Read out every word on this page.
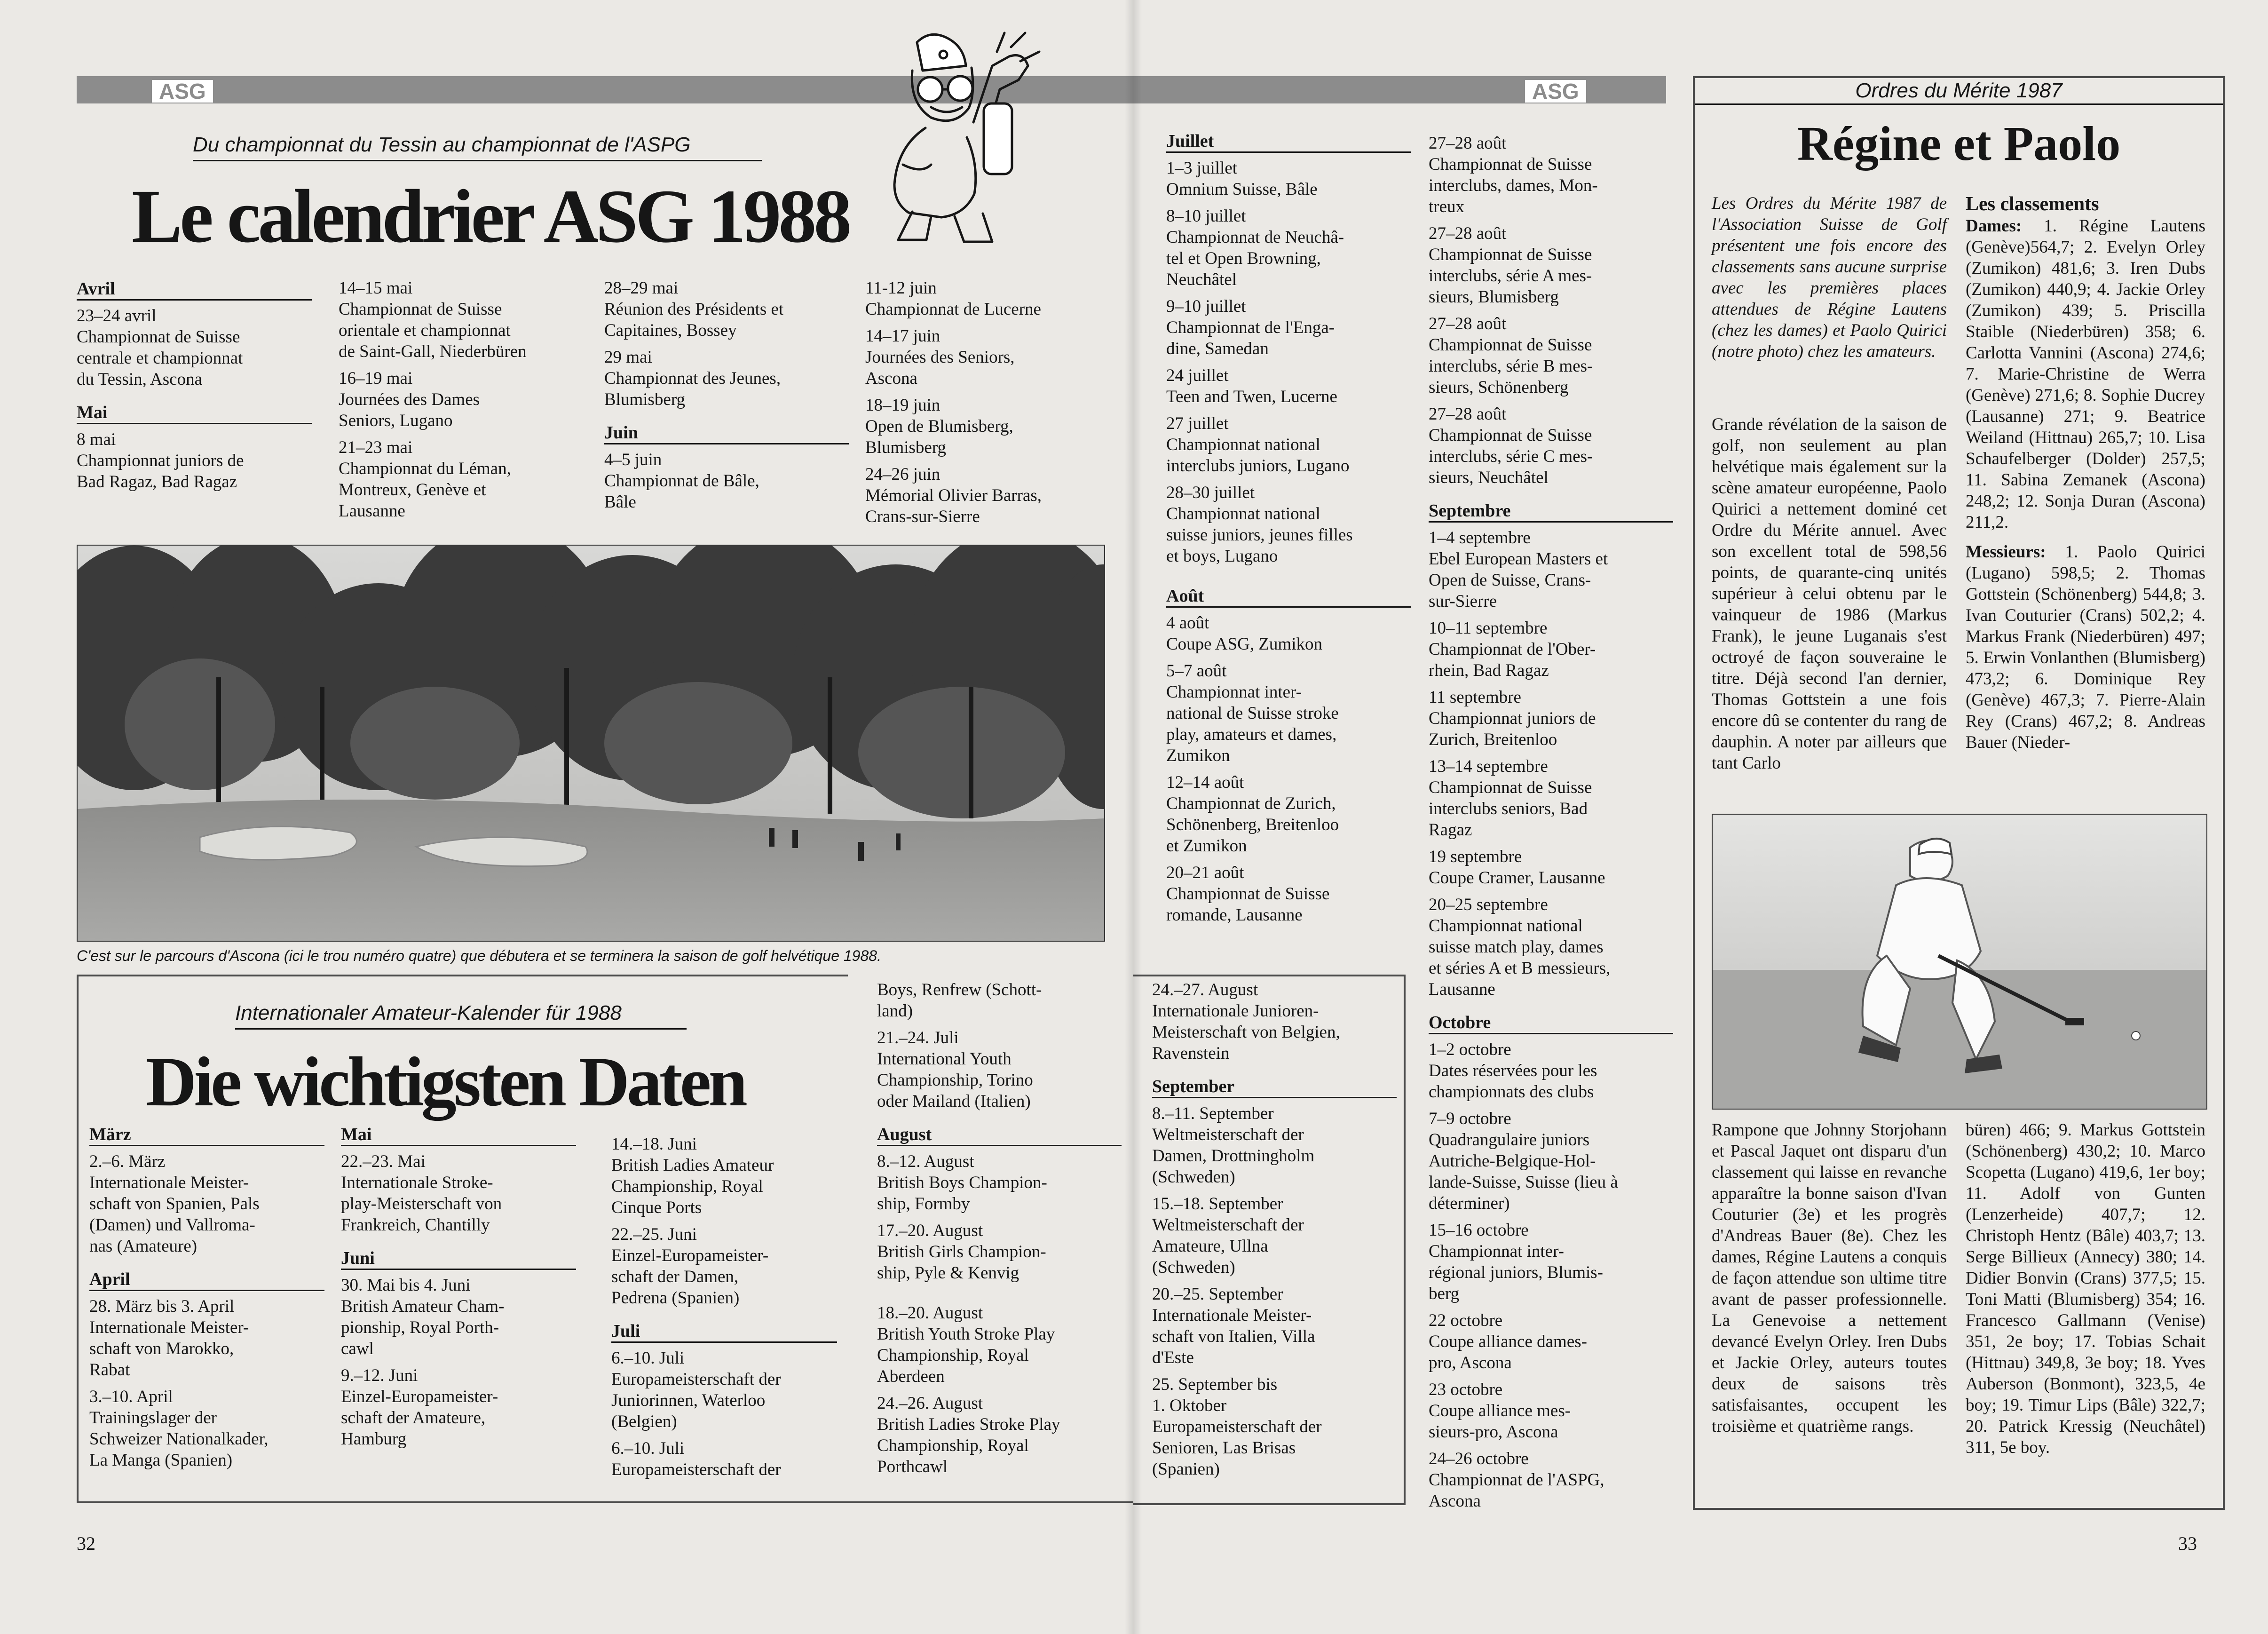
ASG
Du championnat du Tessin au championnat de l'ASPG
Le calendrier ASG 1988
Avril
23–24 avril
Championnat de Suisse
centrale et championnat
du Tessin, Ascona
Mai
8 mai
Championnat juniors de
Bad Ragaz, Bad Ragaz
14–15 mai
Championnat de Suisse
orientale et championnat
de Saint-Gall, Niederbüren
16–19 mai
Journées des Dames
Seniors, Lugano
21–23 mai
Championnat du Léman,
Montreux, Genève et
Lausanne
28–29 mai
Réunion des Présidents et
Capitaines, Bossey
29 mai
Championnat des Jeunes,
Blumisberg
Juin
4–5 juin
Championnat de Bâle,
Bâle
11-12 juin
Championnat de Lucerne
14–17 juin
Journées des Seniors,
Ascona
18–19 juin
Open de Blumisberg,
Blumisberg
24–26 juin
Mémorial Olivier Barras,
Crans-sur-Sierre
C'est sur le parcours d'Ascona (ici le trou numéro quatre) que débutera et se terminera la saison de golf helvétique 1988.
Internationaler Amateur-Kalender für 1988
Die wichtigsten Daten
März
2.–6. März
Internationale Meister-
schaft von Spanien, Pals
(Damen) und Vallroma-
nas (Amateure)
April
28. März bis 3. April
Internationale Meister-
schaft von Marokko,
Rabat
3.–10. April
Trainingslager der
Schweizer Nationalkader,
La Manga (Spanien)
Mai
22.–23. Mai
Internationale Stroke-
play-Meisterschaft von
Frankreich, Chantilly
Juni
30. Mai bis 4. Juni
British Amateur Cham-
pionship, Royal Porth-
cawl
9.–12. Juni
Einzel-Europameister-
schaft der Amateure,
Hamburg
14.–18. Juni
British Ladies Amateur
Championship, Royal
Cinque Ports
22.–25. Juni
Einzel-Europameister-
schaft der Damen,
Pedrena (Spanien)
Juli
6.–10. Juli
Europameisterschaft der
Juniorinnen, Waterloo
(Belgien)
6.–10. Juli
Europameisterschaft der
Boys, Renfrew (Schott-
land)
21.–24. Juli
International Youth
Championship, Torino
oder Mailand (Italien)
August
8.–12. August
British Boys Champion-
ship, Formby
17.–20. August
British Girls Champion-
ship, Pyle & Kenvig
18.–20. August
British Youth Stroke Play
Championship, Royal
Aberdeen
24.–26. August
British Ladies Stroke Play
Championship, Royal
Porthcawl
32
ASG
Juillet
1–3 juillet
Omnium Suisse, Bâle
8–10 juillet
Championnat de Neuchâ-
tel et Open Browning,
Neuchâtel
9–10 juillet
Championnat de l'Enga-
dine, Samedan
24 juillet
Teen and Twen, Lucerne
27 juillet
Championnat national
interclubs juniors, Lugano
28–30 juillet
Championnat national
suisse juniors, jeunes filles
et boys, Lugano
Août
4 août
Coupe ASG, Zumikon
5–7 août
Championnat inter-
national de Suisse stroke
play, amateurs et dames,
Zumikon
12–14 août
Championnat de Zurich,
Schönenberg, Breitenloo
et Zumikon
20–21 août
Championnat de Suisse
romande, Lausanne
24.–27. August
Internationale Junioren-
Meisterschaft von Belgien,
Ravenstein
September
8.–11. September
Weltmeisterschaft der
Damen, Drottningholm
(Schweden)
15.–18. September
Weltmeisterschaft der
Amateure, Ullna
(Schweden)
20.–25. September
Internationale Meister-
schaft von Italien, Villa
d'Este
25. September bis
1. Oktober
Europameisterschaft der
Senioren, Las Brisas
(Spanien)
27–28 août
Championnat de Suisse
interclubs, dames, Mon-
treux
27–28 août
Championnat de Suisse
interclubs, série A mes-
sieurs, Blumisberg
27–28 août
Championnat de Suisse
interclubs, série B mes-
sieurs, Schönenberg
27–28 août
Championnat de Suisse
interclubs, série C mes-
sieurs, Neuchâtel
Septembre
1–4 septembre
Ebel European Masters et
Open de Suisse, Crans-
sur-Sierre
10–11 septembre
Championnat de l'Ober-
rhein, Bad Ragaz
11 septembre
Championnat juniors de
Zurich, Breitenloo
13–14 septembre
Championnat de Suisse
interclubs seniors, Bad
Ragaz
19 septembre
Coupe Cramer, Lausanne
20–25 septembre
Championnat national
suisse match play, dames
et séries A et B messieurs,
Lausanne
Octobre
1–2 octobre
Dates réservées pour les
championnats des clubs
7–9 octobre
Quadrangulaire juniors
Autriche-Belgique-Hol-
lande-Suisse, Suisse (lieu à
déterminer)
15–16 octobre
Championnat inter-
régional juniors, Blumis-
berg
22 octobre
Coupe alliance dames-
pro, Ascona
23 octobre
Coupe alliance mes-
sieurs-pro, Ascona
24–26 octobre
Championnat de l'ASPG,
Ascona
Ordres du Mérite 1987
Régine et Paolo
Les Ordres du Mérite 1987 de l'Association Suisse de Golf présentent une fois encore des classements sans aucune surprise avec les premières places attendues de Régine Lautens (chez les dames) et Paolo Quirici (notre photo) chez les amateurs.
Grande révélation de la saison de golf, non seulement au plan helvétique mais également sur la scène amateur européenne, Paolo Quirici a nettement dominé cet Ordre du Mérite annuel. Avec son excellent total de 598,56 points, de quarante-cinq unités supérieur à celui obtenu par le vainqueur de 1986 (Markus Frank), le jeune Luganais s'est octroyé de façon souveraine le titre. Déjà second l'an dernier, Thomas Gottstein a une fois encore dû se contenter du rang de dauphin. A noter par ailleurs que tant Carlo
Les classements
Dames: 1. Régine Lautens (Genève)564,7; 2. Evelyn Orley (Zumikon) 481,6; 3. Iren Dubs (Zumikon) 440,9; 4. Jackie Orley (Zumikon) 439; 5. Priscilla Staible (Niederbüren) 358; 6. Carlotta Vannini (Ascona) 274,6; 7. Marie-Christine de Werra (Genève) 271,6; 8. Sophie Ducrey (Lausanne) 271; 9. Beatrice Weiland (Hittnau) 265,7; 10. Lisa Schaufelberger (Dolder) 257,5; 11. Sabina Zemanek (Ascona) 248,2; 12. Sonja Duran (Ascona) 211,2.
Messieurs: 1. Paolo Quirici (Lugano) 598,5; 2. Thomas Gottstein (Schönenberg) 544,8; 3. Ivan Couturier (Crans) 502,2; 4. Markus Frank (Niederbüren) 497; 5. Erwin Vonlanthen (Blumisberg) 473,2; 6. Dominique Rey (Genève) 467,3; 7. Pierre-Alain Rey (Crans) 467,2; 8. Andreas Bauer (Nieder-
Rampone que Johnny Storjohann et Pascal Jaquet ont disparu d'un classement qui laisse en revanche apparaître la bonne saison d'Ivan Couturier (3e) et les progrès d'Andreas Bauer (8e). Chez les dames, Régine Lautens a conquis de façon attendue son ultime titre avant de passer professionnelle. La Genevoise a nettement devancé Evelyn Orley. Iren Dubs et Jackie Orley, auteurs toutes deux de saisons très satisfaisantes, occupent les troisième et quatrième rangs.
büren) 466; 9. Markus Gottstein (Schönenberg) 430,2; 10. Marco Scopetta (Lugano) 419,6, 1er boy; 11. Adolf von Gunten (Lenzerheide) 407,7; 12. Christoph Hentz (Bâle) 403,7; 13. Serge Billieux (Annecy) 380; 14. Didier Bonvin (Crans) 377,5; 15. Toni Matti (Blumisberg) 354; 16. Francesco Gallmann (Venise) 351, 2e boy; 17. Tobias Schait (Hittnau) 349,8, 3e boy; 18. Yves Auberson (Bonmont), 323,5, 4e boy; 19. Timur Lips (Bâle) 322,7; 20. Patrick Kressig (Neuchâtel) 311, 5e boy.
33
